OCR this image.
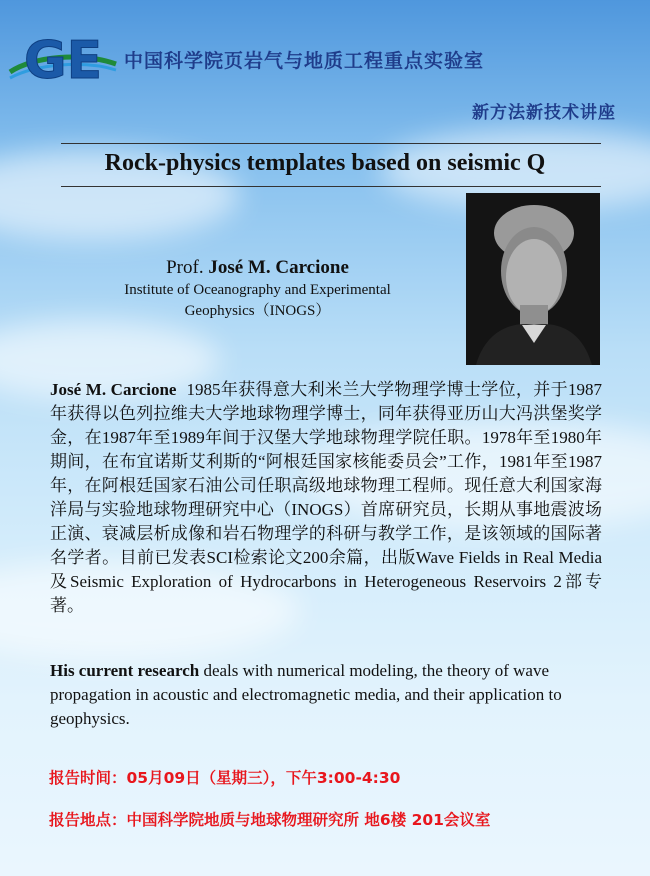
GE 中国科学院页岩气与地质工程重点实验室
新方法新技术讲座
Rock-physics templates based on seismic Q
Prof. José M. Carcione
Institute of Oceanography and Experimental
Geophysics（INOGS）

José M. Carcione 1985年获得意大利米兰大学物理学博士学位，并于1987年获得以色列拉维夫大学地球物理学博士，同年获得亚历山大冯洪堡奖学金，在1987年至1989年间于汉堡大学地球物理学院任职。1978年至1980年期间，在布宜诺斯艾利斯的“阿根廷国家核能委员会”工作，1981年至1987年，在阿根廷国家石油公司任职高级地球物理工程师。现任意大利国家海洋局与实验地球物理研究中心（INOGS）首席研究员，长期从事地震波场正演、衰减层析成像和岩石物理学的科研与教学工作，是该领域的国际著名学者。目前已发表SCI检索论文200余篇，出版Wave Fields in Real Media及Seismic Exploration of Hydrocarbons in Heterogeneous Reservoirs 2部专著。

His current research deals with numerical modeling, the theory of wave propagation in acoustic and electromagnetic media, and their application to geophysics.

报告时间：05月09日（星期三），下午3:00-4:30
报告地点：中国科学院地质与地球物理研究所 地6楼 201会议室
